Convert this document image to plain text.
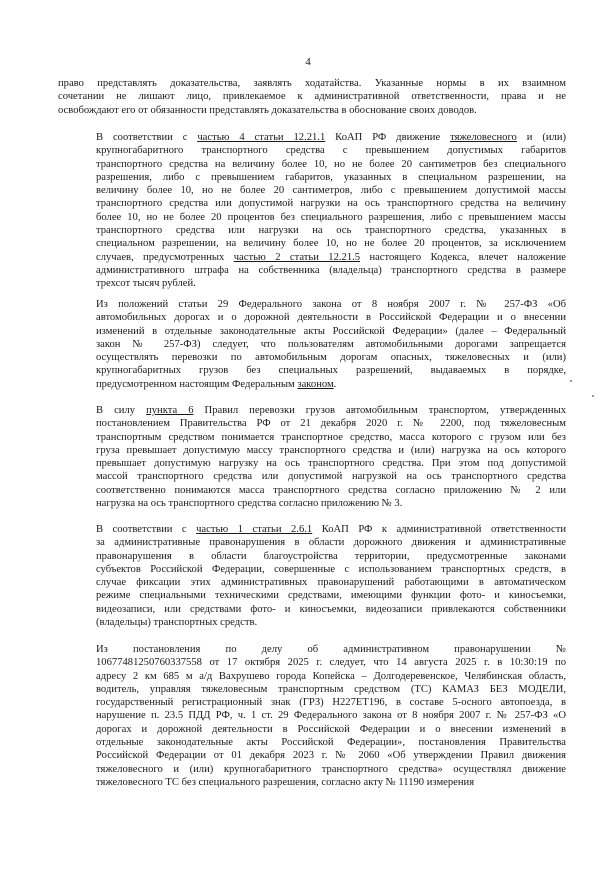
4
право представлять доказательства, заявлять ходатайства. Указанные нормы в их взаимном
сочетании не лишают лицо, привлекаемое к административной ответственности, права и не
освобождают его от обязанности представлять доказательства в обоснование своих доводов.
В соответствии с частью 4 статьи 12.21.1 КоАП РФ движение тяжеловесного и (или)
крупногабаритного транспортного средства с превышением допустимых габаритов
транспортного средства на величину более 10, но не более 20 сантиметров без специального
разрешения, либо с превышением габаритов, указанных в специальном разрешении, на
величину более 10, но не более 20 сантиметров, либо с превышением допустимой массы
транспортного средства или допустимой нагрузки на ось транспортного средства на величину
более 10, но не более 20 процентов без специального разрешения, либо с превышением массы
транспортного средства или нагрузки на ось транспортного средства, указанных в
специальном разрешении, на величину более 10, но не более 20 процентов, за исключением
случаев, предусмотренных частью 2 статьи 12.21.5 настоящего Кодекса, влечет наложение
административного штрафа на собственника (владельца) транспортного средства в размере
трехсот тысяч рублей.
Из положений статьи 29 Федерального закона от 8 ноября 2007 г. № 257-ФЗ «Об
автомобильных дорогах и о дорожной деятельности в Российской Федерации и о внесении
изменений в отдельные законодательные акты Российской Федерации» (далее – Федеральный
закон № 257-ФЗ) следует, что пользователям автомобильными дорогами запрещается
осуществлять перевозки по автомобильным дорогам опасных, тяжеловесных и (или)
крупногабаритных грузов без специальных разрешений, выдаваемых в порядке,
предусмотренном настоящим Федеральным законом.
В силу пункта 6 Правил перевозки грузов автомобильным транспортом, утвержденных
постановлением Правительства РФ от 21 декабря 2020 г. № 2200, под тяжеловесным
транспортным средством понимается транспортное средство, масса которого с грузом или без
груза превышает допустимую массу транспортного средства и (или) нагрузка на ось которого
превышает допустимую нагрузку на ось транспортного средства. При этом под допустимой
массой транспортного средства или допустимой нагрузкой на ось транспортного средства
соответственно понимаются масса транспортного средства согласно приложению № 2 или
нагрузка на ось транспортного средства согласно приложению № 3.
В соответствии с частью 1 статьи 2.6.1 КоАП РФ к административной ответственности
за административные правонарушения в области дорожного движения и административные
правонарушения в области благоустройства территории, предусмотренные законами
субъектов Российской Федерации, совершенные с использованием транспортных средств, в
случае фиксации этих административных правонарушений работающими в автоматическом
режиме специальными техническими средствами, имеющими функции фото- и киносъемки,
видеозаписи, или средствами фото- и киносъемки, видеозаписи привлекаются собственники
(владельцы) транспортных средств.
Из постановления по делу об административном правонарушении №
10677481250760337558 от 17 октября 2025 г. следует, что 14 августа 2025 г. в 10:30:19 по
адресу 2 км 685 м а/д Вахрушево города Копейска – Долгодеревенское, Челябинская область,
водитель, управляя тяжеловесным транспортным средством (ТС) КАМАЗ БЕЗ МОДЕЛИ,
государственный регистрационный знак (ГРЗ) Н227ЕТ196, в составе 5-осного автопоезда, в
нарушение п. 23.5 ПДД РФ, ч. 1 ст. 29 Федерального закона от 8 ноября 2007 г. № 257-ФЗ «О
дорогах и дорожной деятельности в Российской Федерации и о внесении изменений в
отдельные законодательные акты Российской Федерации», постановления Правительства
Российской Федерации от 01 декабря 2023 г. № 2060 «Об утверждении Правил движения
тяжеловесного и (или) крупногабаритного транспортного средства» осуществлял движение
тяжеловесного ТС без специального разрешения, согласно акту № 11190 измерения
